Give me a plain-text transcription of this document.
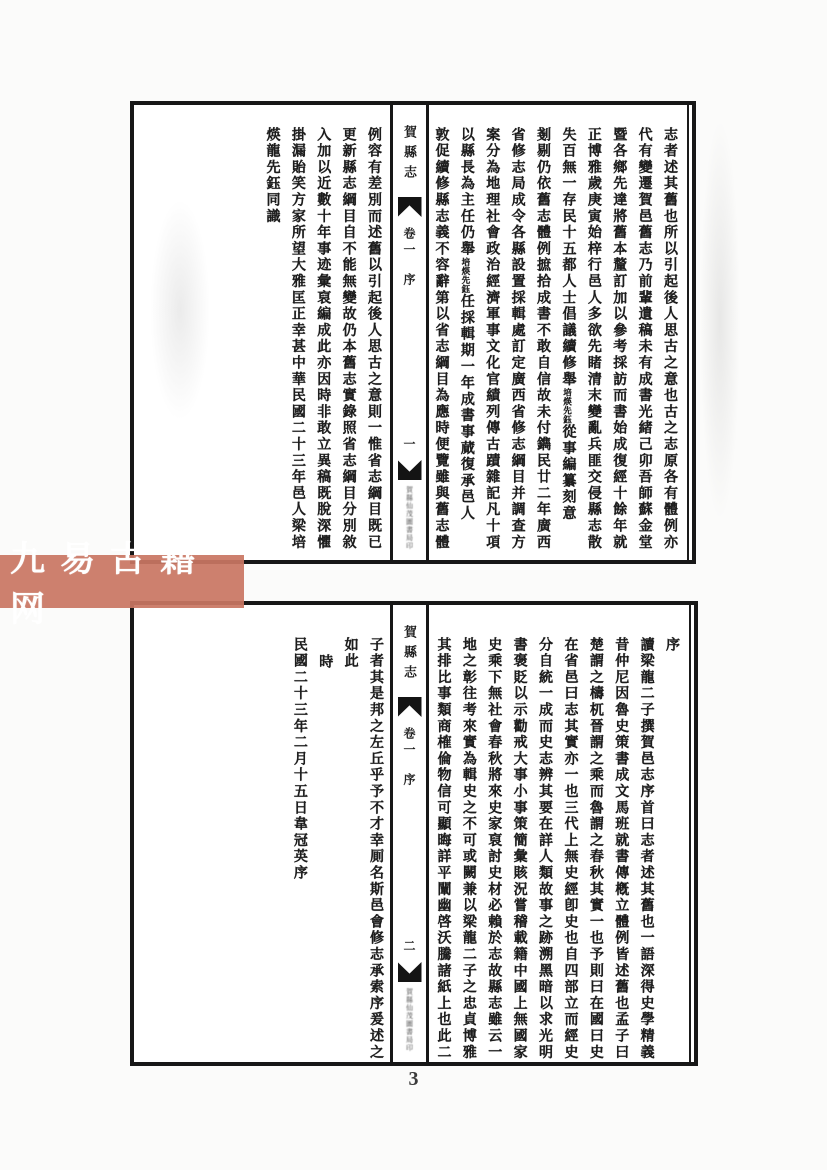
志者述其舊也所以引起後人思古之意也古之志原各有體例亦
代有變遷賀邑舊志乃前輩遺稿未有成書光緒己卯吾師蘇金堂
暨各鄉先達將舊本釐訂加以參考採訪而書始成復經十餘年就
正博雅歲庚寅始梓行邑人多欲先睹清末變亂兵匪交侵縣志散
失百無一存民十五都人士倡議續修舉培煐先鈺從事編纂刻意
剗剔仍依舊志體例摭拾成書不敢自信故未付鐫民廿二年廣西
省修志局成令各縣設置採輯處訂定廣西省修志綱目并調查方
案分為地理社會政治經濟軍事文化官績列傳古蹟雜記凡十項
以縣長為主任仍舉培煐先鈺任採輯期一年成書事蕆復承邑人
敦促續修縣志義不容辭第以省志綱目為應時便覽雖與舊志體
賀縣志
卷一
序
一
賀縣仙茂圖書局印
例容有差別而述舊以引起後人思古之意則一惟省志綱目既已
更新縣志綱目自不能無變故仍本舊志實錄照省志綱目分別敘
入加以近數十年事迹彙裒編成此亦因時非敢立異稿既脫深懼
掛漏貽笑方家所望大雅匡正幸甚中華民國二十三年邑人梁培
煐龍先鈺同識
序
讀梁龍二子撰賀邑志序首曰志者述其舊也一語深得史學精義
昔仲尼因魯史策書成文馬班就書傳槪立體例皆述舊也孟子曰
楚謂之檮杌晉謂之乘而魯謂之春秋其實一也予則曰在國曰史
在省邑曰志其實亦一也三代上無史經卽史也自四部立而經史
分自統一成而史志辨其要在詳人類故事之跡溯黑暗以求光明
書褒貶以示勸戒大事小事策簡彙賅況嘗稽載籍中國上無國家
史乘下無社會春秋將來史家裒討史材必賴於志故縣志雖云一
地之彰往考來實為輯史之不可或闕兼以梁龍二子之忠貞博雅
其排比事類商榷倫物信可顯晦詳平闡幽啓沃騰諸紙上也此二
賀縣志
卷一
序
二
賀縣仙茂圖書局印
子者其是邦之左丘乎予不才幸厠名斯邑會修志承索序爰述之
如此
時
民國二十三年二月十五日韋冠英序
九易古籍网
3
